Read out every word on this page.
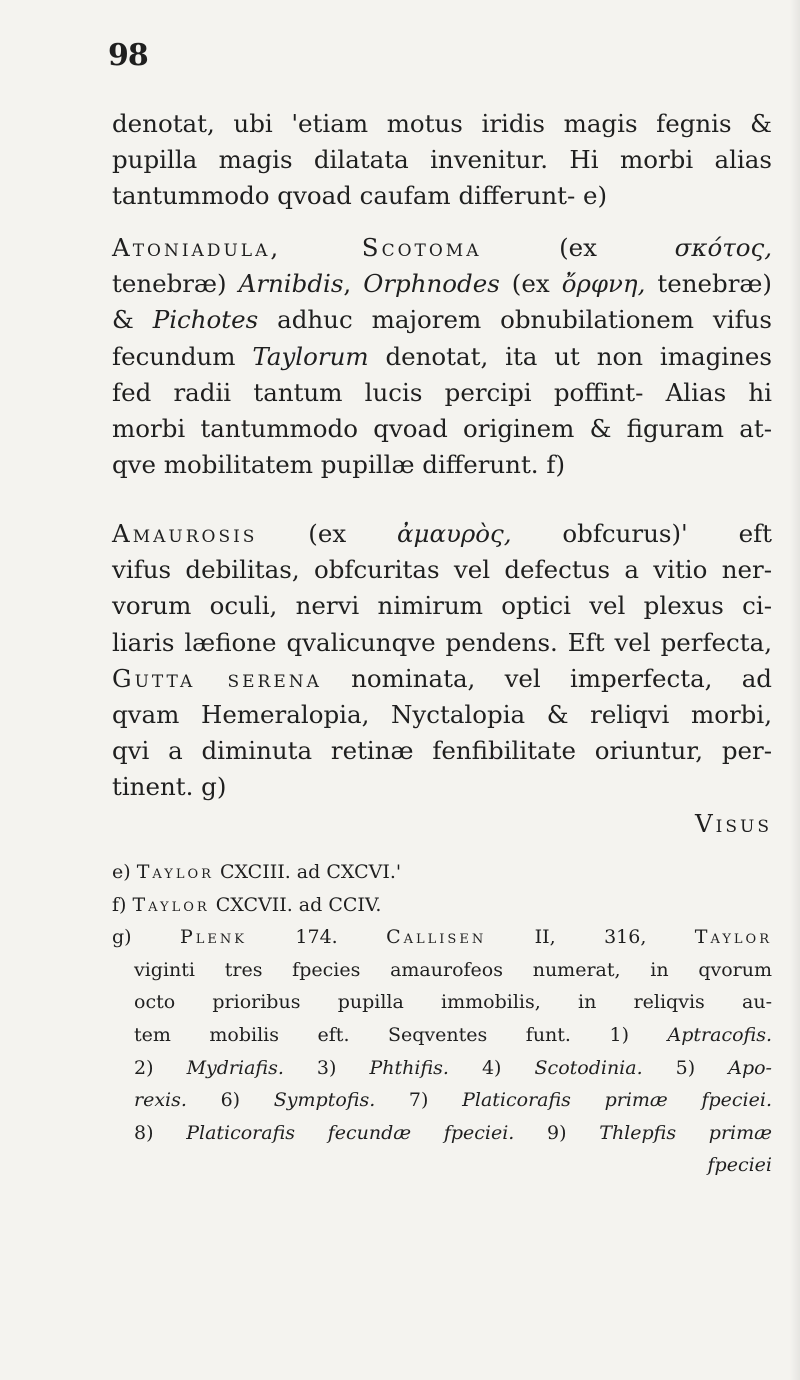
98
denotat, ubi 'etiam motus iridis magis fegnis &
pupilla magis dilatata invenitur. Hi morbi alias
tantummodo qvoad caufam differunt- e)
Atoniadula, Scotoma (ex σκότος,
tenebræ) Arnibdis, Orphnodes (ex ὄρφνη, tenebræ)
& Pichotes adhuc majorem obnubilationem vifus
fecundum Taylorum denotat, ita ut non imagines
fed radii tantum lucis percipi poffint- Alias hi
morbi tantummodo qvoad originem & figuram at-
qve mobilitatem pupillæ differunt. f)
Amaurosis (ex ἀμαυρὸς, obfcurus)' eft
vifus debilitas, obfcuritas vel defectus a vitio ner-
vorum oculi, nervi nimirum optici vel plexus ci-
liaris læfione qvalicunqve pendens. Eft vel perfecta,
Gutta serena nominata, vel imperfecta, ad
qvam Hemeralopia, Nyctalopia & reliqvi morbi,
qvi a diminuta retinæ fenfibilitate oriuntur, per-
tinent. g)
Visus
e) Taylor CXCIII. ad CXCVI.'
f) Taylor CXCVII. ad CCIV.
g) Plenk 174. Callisen II, 316, Taylor
viginti tres fpecies amaurofeos numerat, in qvorum
octo prioribus pupilla immobilis, in reliqvis au-
tem mobilis eft. Seqventes funt. 1) Aptracofis.
2) Mydriafis. 3) Phthifis. 4) Scotodinia. 5) Apo-
rexis. 6) Symptofis. 7) Platicorafis primæ fpeciei.
8) Platicorafis fecundæ fpeciei. 9) Thlepfis primæ
fpeciei
